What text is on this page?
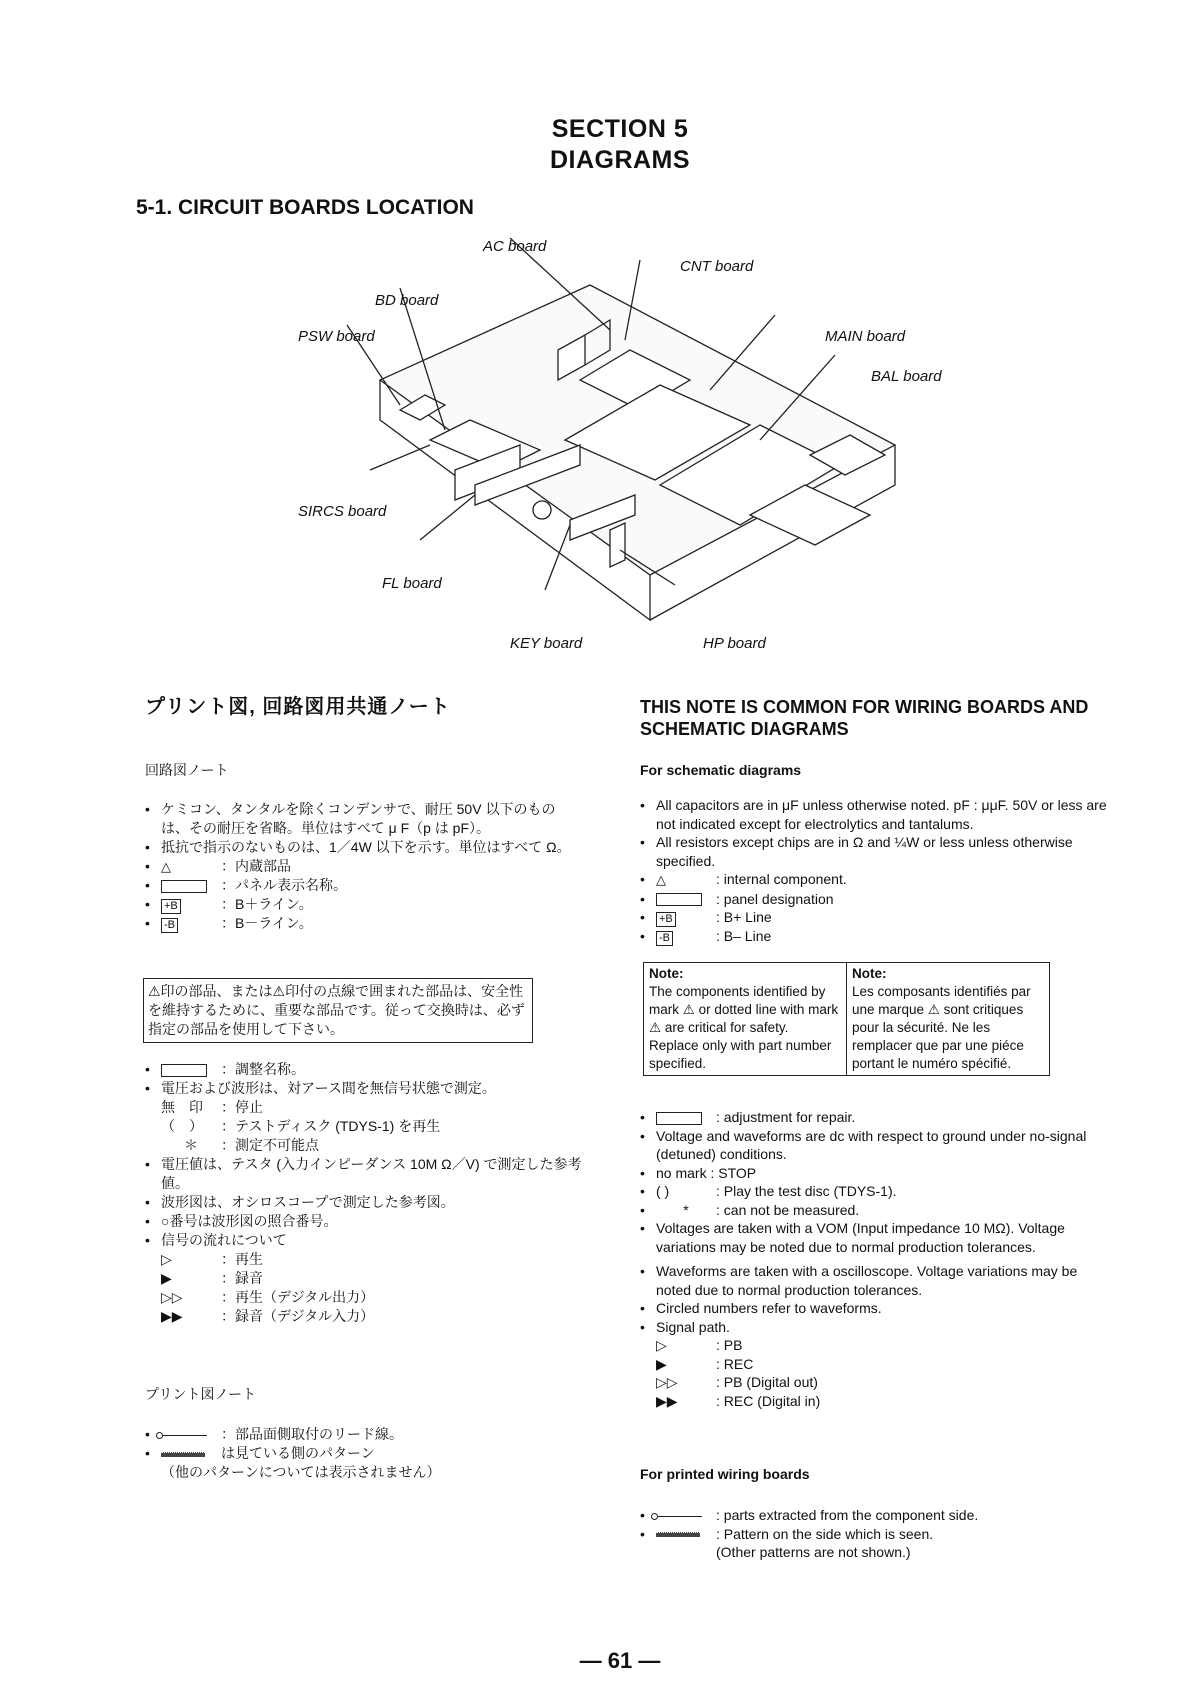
SECTION 5
DIAGRAMS
5-1. CIRCUIT BOARDS LOCATION
AC board
CNT board
BD board
PSW board	MAIN board
BAL board
SIRCS board
FL board
KEY board	HP board
プリント図, 回路図用共通ノート
回路図ノート
• ケミコン、タンタルを除くコンデンサで、耐圧 50V 以下のものは、その耐圧を省略。単位はすべて μ F（p は pF）。
• 抵抗で指示のないものは、1／4W 以下を示す。単位はすべて Ω。
• △	：内蔵部品
• ：パネル表示名称。
• +B	：B＋ライン。
• -B	：B－ライン。
⚠印の部品、または⚠印付の点線で囲まれた部品は、安全性を維持するために、重要な部品です。従って交換時は、必ず指定の部品を使用して下さい。
• ：調整名称。
• 電圧および波形は、対アース間を無信号状態で測定。
無　印 ：停止
（　） ：テストディスク (TDYS-1) を再生
＊ ：測定不可能点
• 電圧値は、テスタ (入力インピーダンス 10M Ω／V) で測定した参考値。
• 波形図は、オシロスコープで測定した参考図。
• ○番号は波形図の照合番号。
• 信号の流れについて
▷	：再生
▶	：録音
▷▷	：再生（デジタル出力）
▶▶	：録音（デジタル入力）
プリント図ノート
• ：部品面側取付のリード線。
• は見ている側のパターン
（他のパターンについては表示されません）
THIS NOTE IS COMMON FOR WIRING BOARDS AND SCHEMATIC DIAGRAMS
For schematic diagrams
• All capacitors are in μF unless otherwise noted. pF : μμF. 50V or less are not indicated except for electrolytics and tantalums.
• All resistors except chips are in Ω and ¼W or less unless otherwise specified.
• △	: internal component.
• : panel designation
• +B	: B+ Line
• -B	: B– Line
Note:
The components identified by mark ⚠ or dotted line with mark ⚠ are critical for safety. Replace only with part number specified.

Note:
Les composants identifiés par une marque ⚠ sont critiques pour la sécurité. Ne les remplacer que par une piéce portant le numéro spécifié.
• : adjustment for repair.
• Voltage and waveforms are dc with respect to ground under no-signal (detuned) conditions.
• no mark : STOP
• ( )	: Play the test disc (TDYS-1).
• * : can not be measured.
• Voltages are taken with a VOM (Input impedance 10 MΩ). Voltage variations may be noted due to normal production tolerances.
• Waveforms are taken with a oscilloscope. Voltage variations may be noted due to normal production tolerances.
• Circled numbers refer to waveforms.
• Signal path.
▷	: PB
▶	: REC
▷▷	: PB (Digital out)
▶▶	: REC (Digital in)
For printed wiring boards
• : parts extracted from the component side.
• : Pattern on the side which is seen.
(Other patterns are not shown.)
— 61 —
